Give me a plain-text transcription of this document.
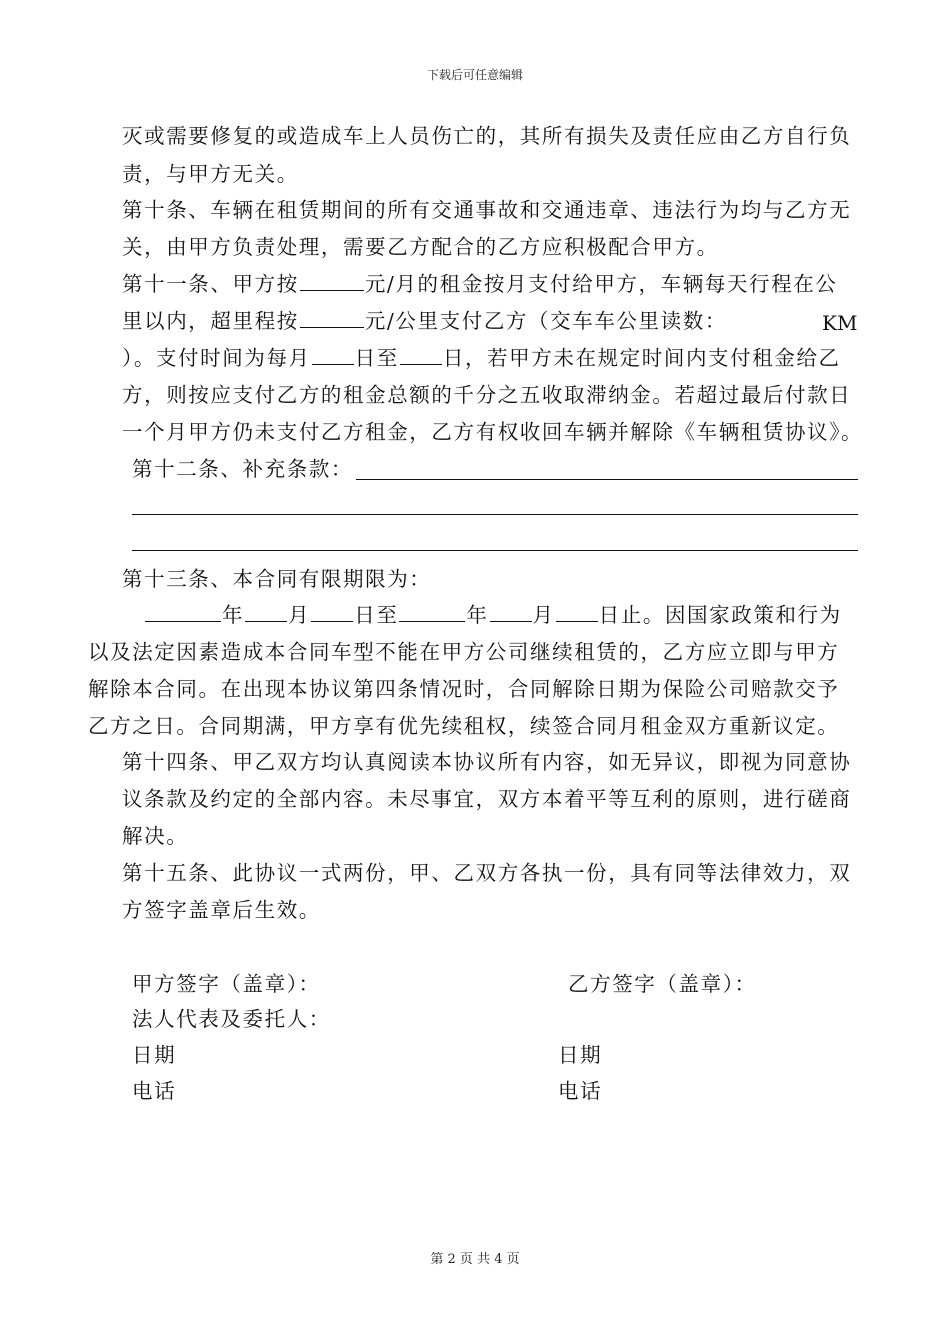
下载后可任意编辑
灭或需要修复的或造成车上人员伤亡的，其所有损失及责任应由乙方自行负
责，与甲方无关。
第十条、车辆在租赁期间的所有交通事故和交通违章、违法行为均与乙方无
关，由甲方负责处理，需要乙方配合的乙方应积极配合甲方。
第十一条、甲方按	元/月的租金按月支付给甲方，车辆每天行程在公
里以内，超里程按	元/公里支付乙方（交车车公里读数：	KM
）。支付时间为每月 日至 日，若甲方未在规定时间内支付租金给乙
方，则按应支付乙方的租金总额的千分之五收取滞纳金。若超过最后付款日
一个月甲方仍未支付乙方租金，乙方有权收回车辆并解除《车辆租赁协议》。
第十二条、补充条款：
第十三条、本合同有限期限为：
年 月 日至	年 月 日止。因国家政策和行为
以及法定因素造成本合同车型不能在甲方公司继续租赁的，乙方应立即与甲方
解除本合同。在出现本协议第四条情况时，合同解除日期为保险公司赔款交予
乙方之日。合同期满，甲方享有优先续租权，续签合同月租金双方重新议定。
第十四条、甲乙双方均认真阅读本协议所有内容，如无异议，即视为同意协
议条款及约定的全部内容。未尽事宜，双方本着平等互利的原则，进行磋商
解决。
第十五条、此协议一式两份，甲、乙双方各执一份，具有同等法律效力，双
方签字盖章后生效。
甲方签字（盖章）：	乙方签字（盖章）：
法人代表及委托人：
日期	日期
电话	电话
第 2 页 共 4 页
